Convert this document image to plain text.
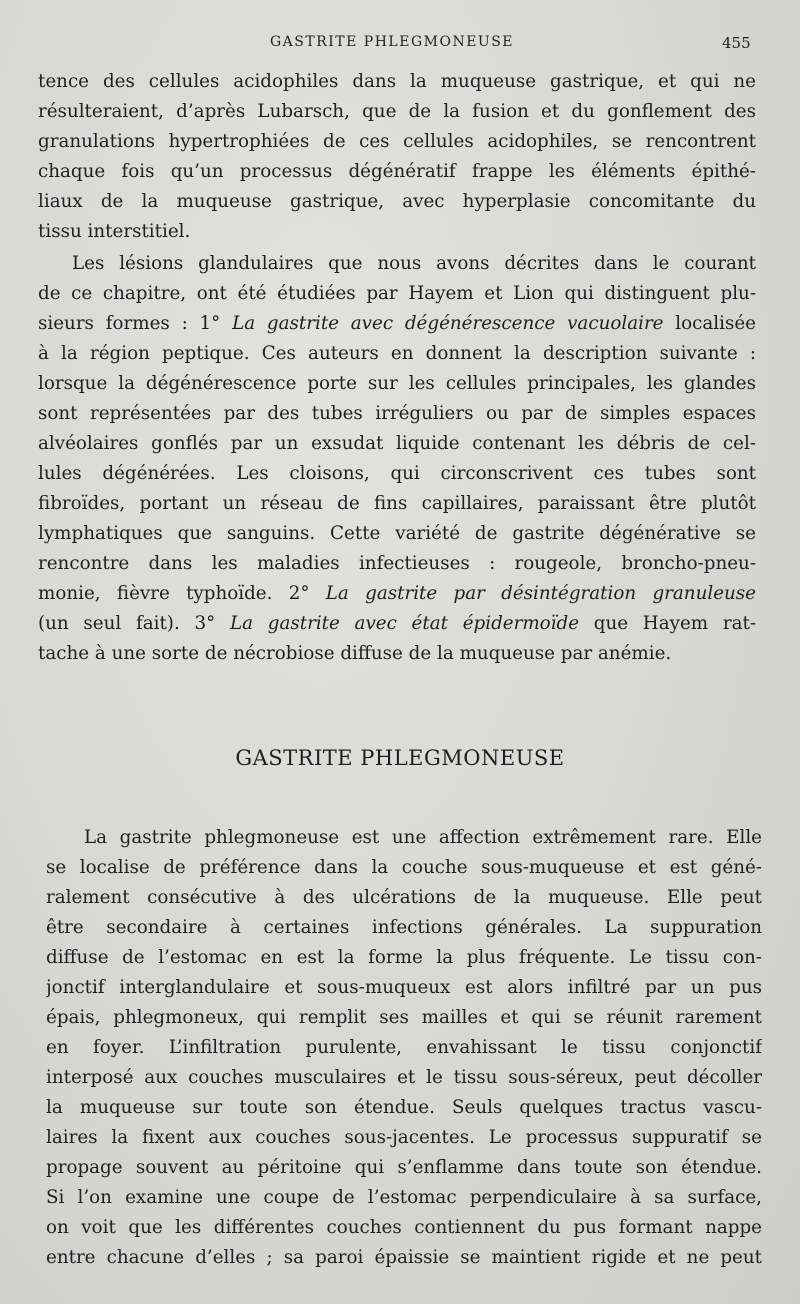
GASTRITE PHLEGMONEUSE	455
tence des cellules acidophiles dans la muqueuse gastrique, et qui ne
résulteraient, d’après Lubarsch, que de la fusion et du gonflement des
granulations hypertrophiées de ces cellules acidophiles, se rencontrent
chaque fois qu’un processus dégénératif frappe les éléments épithé-
liaux de la muqueuse gastrique, avec hyperplasie concomitante du
tissu interstitiel.
Les lésions glandulaires que nous avons décrites dans le courant
de ce chapitre, ont été étudiées par Hayem et Lion qui distinguent plu-
sieurs formes : 1° La gastrite avec dégénérescence vacuolaire localisée
à la région peptique. Ces auteurs en donnent la description suivante :
lorsque la dégénérescence porte sur les cellules principales, les glandes
sont représentées par des tubes irréguliers ou par de simples espaces
alvéolaires gonflés par un exsudat liquide contenant les débris de cel-
lules dégénérées. Les cloisons, qui circonscrivent ces tubes sont
fibroïdes, portant un réseau de fins capillaires, paraissant être plutôt
lymphatiques que sanguins. Cette variété de gastrite dégénérative se
rencontre dans les maladies infectieuses : rougeole, broncho-pneu-
monie, fièvre typhoïde. 2° La gastrite par désintégration granuleuse
(un seul fait). 3° La gastrite avec état épidermoïde que Hayem rat-
tache à une sorte de nécrobiose diffuse de la muqueuse par anémie.
GASTRITE PHLEGMONEUSE
La gastrite phlegmoneuse est une affection extrêmement rare. Elle
se localise de préférence dans la couche sous-muqueuse et est géné-
ralement consécutive à des ulcérations de la muqueuse. Elle peut
être secondaire à certaines infections générales. La suppuration
diffuse de l’estomac en est la forme la plus fréquente. Le tissu con-
jonctif interglandulaire et sous-muqueux est alors infiltré par un pus
épais, phlegmoneux, qui remplit ses mailles et qui se réunit rarement
en foyer. L’infiltration purulente, envahissant le tissu conjonctif
interposé aux couches musculaires et le tissu sous-séreux, peut décoller
la muqueuse sur toute son étendue. Seuls quelques tractus vascu-
laires la fixent aux couches sous-jacentes. Le processus suppuratif se
propage souvent au péritoine qui s’enflamme dans toute son étendue.
Si l’on examine une coupe de l’estomac perpendiculaire à sa surface,
on voit que les différentes couches contiennent du pus formant nappe
entre chacune d’elles ; sa paroi épaissie se maintient rigide et ne peut
